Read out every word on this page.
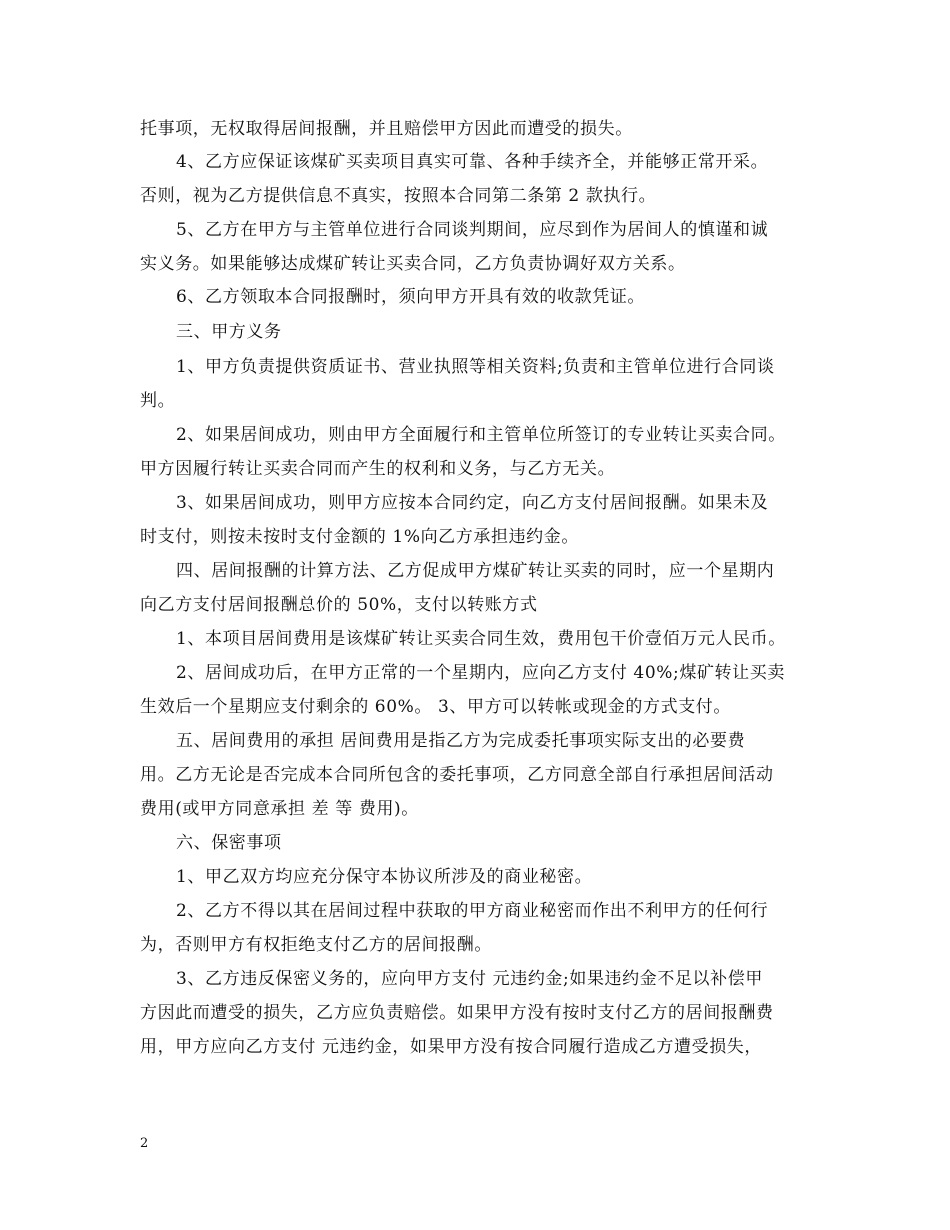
托事项，无权取得居间报酬，并且赔偿甲方因此而遭受的损失。
4、乙方应保证该煤矿买卖项目真实可靠、各种手续齐全，并能够正常开采。
否则，视为乙方提供信息不真实，按照本合同第二条第 2 款执行。
5、乙方在甲方与主管单位进行合同谈判期间，应尽到作为居间人的慎谨和诚
实义务。如果能够达成煤矿转让买卖合同，乙方负责协调好双方关系。
6、乙方领取本合同报酬时，须向甲方开具有效的收款凭证。
三、甲方义务
1、甲方负责提供资质证书、营业执照等相关资料;负责和主管单位进行合同谈
判。
2、如果居间成功，则由甲方全面履行和主管单位所签订的专业转让买卖合同。
甲方因履行转让买卖合同而产生的权利和义务，与乙方无关。
3、如果居间成功，则甲方应按本合同约定，向乙方支付居间报酬。如果未及
时支付，则按未按时支付金额的 1%向乙方承担违约金。
四、居间报酬的计算方法、乙方促成甲方煤矿转让买卖的同时，应一个星期内
向乙方支付居间报酬总价的 50%，支付以转账方式
1、本项目居间费用是该煤矿转让买卖合同生效，费用包干价壹佰万元人民币。
2、居间成功后，在甲方正常的一个星期内，应向乙方支付 40%;煤矿转让买卖
生效后一个星期应支付剩余的 60%。 3、甲方可以转帐或现金的方式支付。
五、居间费用的承担 居间费用是指乙方为完成委托事项实际支出的必要费
用。乙方无论是否完成本合同所包含的委托事项，乙方同意全部自行承担居间活动
费用(或甲方同意承担 差 等 费用)。
六、保密事项
1、甲乙双方均应充分保守本协议所涉及的商业秘密。
2、乙方不得以其在居间过程中获取的甲方商业秘密而作出不利甲方的任何行
为，否则甲方有权拒绝支付乙方的居间报酬。
3、乙方违反保密义务的，应向甲方支付 元违约金;如果违约金不足以补偿甲
方因此而遭受的损失，乙方应负责赔偿。如果甲方没有按时支付乙方的居间报酬费
用，甲方应向乙方支付 元违约金，如果甲方没有按合同履行造成乙方遭受损失，
2
